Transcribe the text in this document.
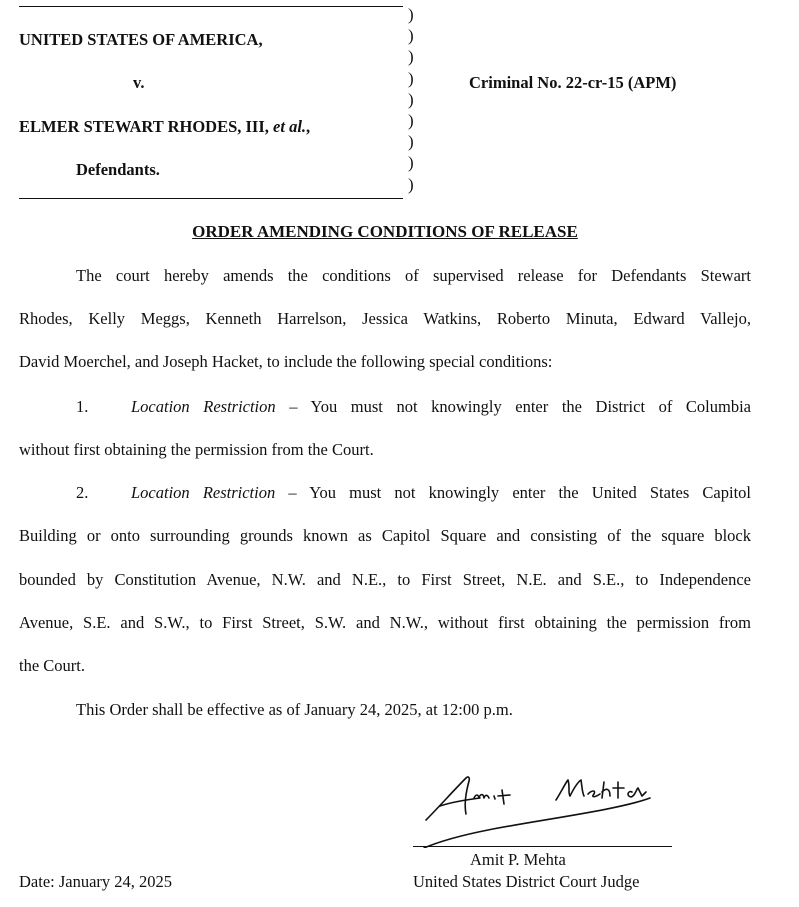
)
)
)
)
)
)
)
)
)
UNITED STATES OF AMERICA,
v.
ELMER STEWART RHODES, III, et al.,
Defendants.
Criminal No. 22-cr-15 (APM)
ORDER AMENDING CONDITIONS OF RELEASE
The court hereby amends the conditions of supervised release for Defendants Stewart
Rhodes, Kelly Meggs, Kenneth Harrelson, Jessica Watkins, Roberto Minuta, Edward Vallejo,
David Moerchel, and Joseph Hacket, to include the following special conditions:
1.	Location Restriction – You must not knowingly enter the District of Columbia
without first obtaining the permission from the Court.
2.	Location Restriction – You must not knowingly enter the United States Capitol
Building or onto surrounding grounds known as Capitol Square and consisting of the square block
bounded by Constitution Avenue, N.W. and N.E., to First Street, N.E. and S.E., to Independence
Avenue, S.E. and S.W., to First Street, S.W. and N.W., without first obtaining the permission from
the Court.
This Order shall be effective as of January 24, 2025, at 12:00 p.m.
Amit P. Mehta
United States District Court Judge
Date: January 24, 2025
